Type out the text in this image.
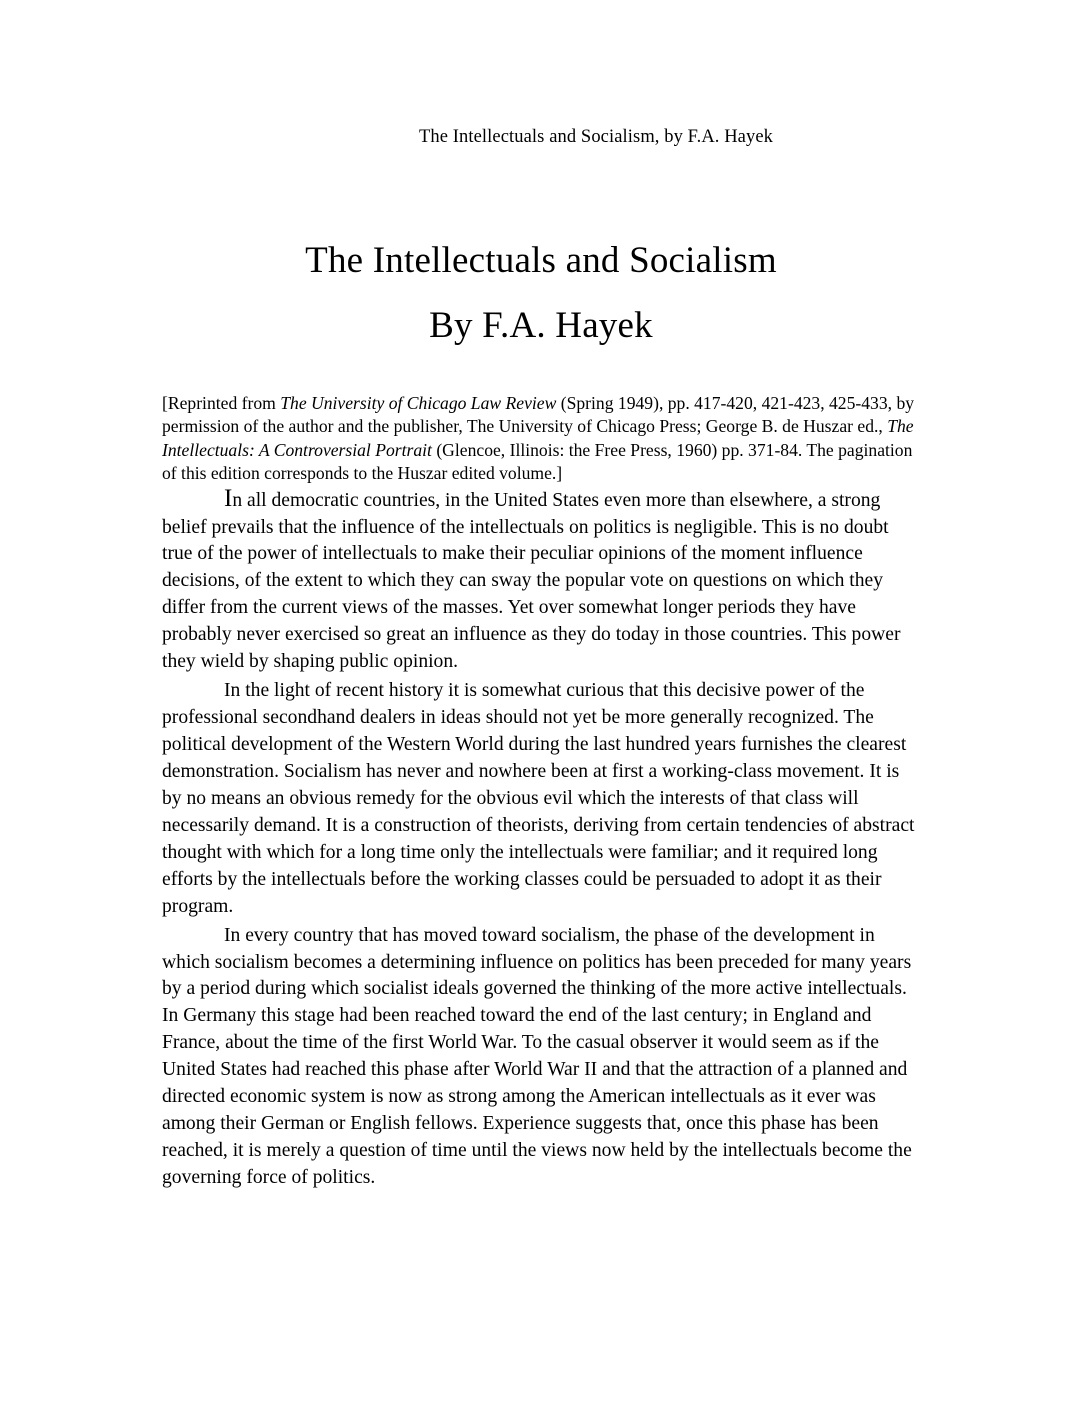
The Intellectuals and Socialism, by F.A. Hayek
The Intellectuals and Socialism
By F.A. Hayek

[Reprinted from The University of Chicago Law Review (Spring 1949), pp. 417-420, 421-423, 425-433, by permission of the author and the publisher, The University of Chicago Press; George B. de Huszar ed., The Intellectuals: A Controversial Portrait (Glencoe, Illinois: the Free Press, 1960) pp. 371-84. The pagination of this edition corresponds to the Huszar edited volume.]

In all democratic countries, in the United States even more than elsewhere, a strong belief prevails that the influence of the intellectuals on politics is negligible. This is no doubt true of the power of intellectuals to make their peculiar opinions of the moment influence decisions, of the extent to which they can sway the popular vote on questions on which they differ from the current views of the masses. Yet over somewhat longer periods they have probably never exercised so great an influence as they do today in those countries. This power they wield by shaping public opinion.

In the light of recent history it is somewhat curious that this decisive power of the professional secondhand dealers in ideas should not yet be more generally recognized. The political development of the Western World during the last hundred years furnishes the clearest demonstration. Socialism has never and nowhere been at first a working-class movement. It is by no means an obvious remedy for the obvious evil which the interests of that class will necessarily demand. It is a construction of theorists, deriving from certain tendencies of abstract thought with which for a long time only the intellectuals were familiar; and it required long efforts by the intellectuals before the working classes could be persuaded to adopt it as their program.

In every country that has moved toward socialism, the phase of the development in which socialism becomes a determining influence on politics has been preceded for many years by a period during which socialist ideals governed the thinking of the more active intellectuals. In Germany this stage had been reached toward the end of the last century; in England and France, about the time of the first World War. To the casual observer it would seem as if the United States had reached this phase after World War II and that the attraction of a planned and directed economic system is now as strong among the American intellectuals as it ever was among their German or English fellows. Experience suggests that, once this phase has been reached, it is merely a question of time until the views now held by the intellectuals become the governing force of politics.
